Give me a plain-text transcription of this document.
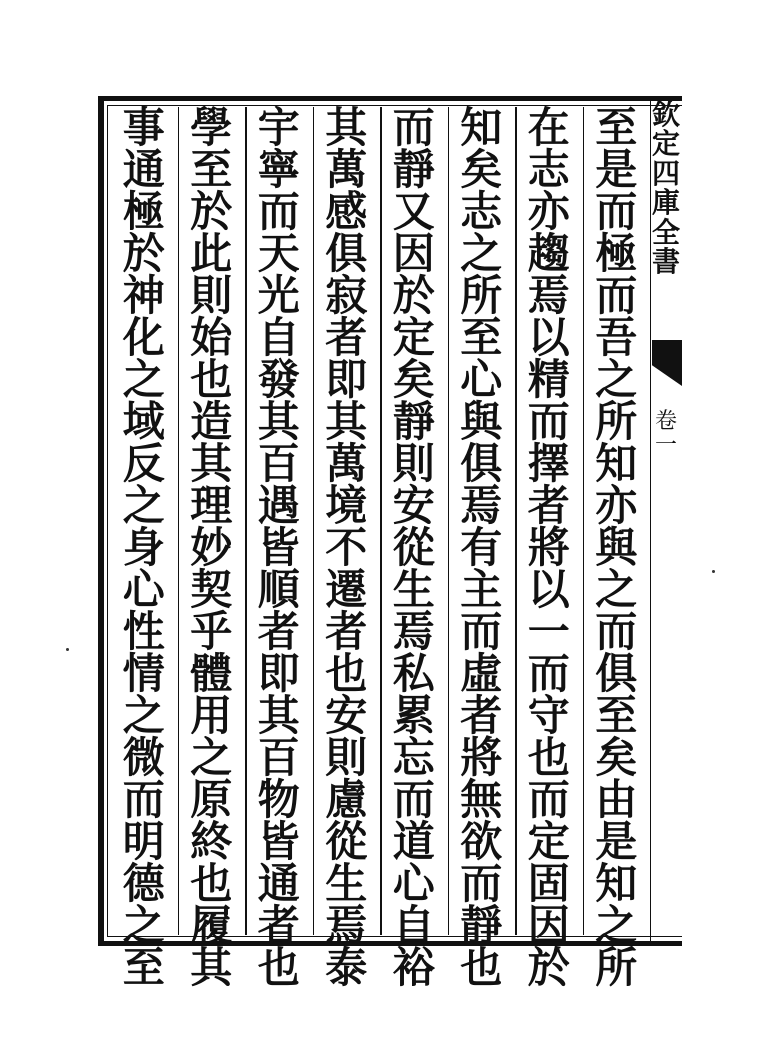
欽
定
四
庫
全
書
卷
一
至
是
而
極
而
吾
之
所
知
亦
與
之
而
俱
至
矣
由
是
知
之
所
在
志
亦
趨
焉
以
精
而
擇
者
將
以
一
而
守
也
而
定
固
因
於
知
矣
志
之
所
至
心
與
俱
焉
有
主
而
虛
者
將
無
欲
而
靜
也
而
靜
又
因
於
定
矣
靜
則
安
從
生
焉
私
累
忘
而
道
心
自
裕
其
萬
感
俱
寂
者
即
其
萬
境
不
遷
者
也
安
則
慮
從
生
焉
泰
宇
寧
而
天
光
自
發
其
百
遇
皆
順
者
即
其
百
物
皆
通
者
也
學
至
於
此
則
始
也
造
其
理
妙
契
乎
體
用
之
原
終
也
履
其
事
通
極
於
神
化
之
域
反
之
身
心
性
情
之
微
而
明
德
之
至
